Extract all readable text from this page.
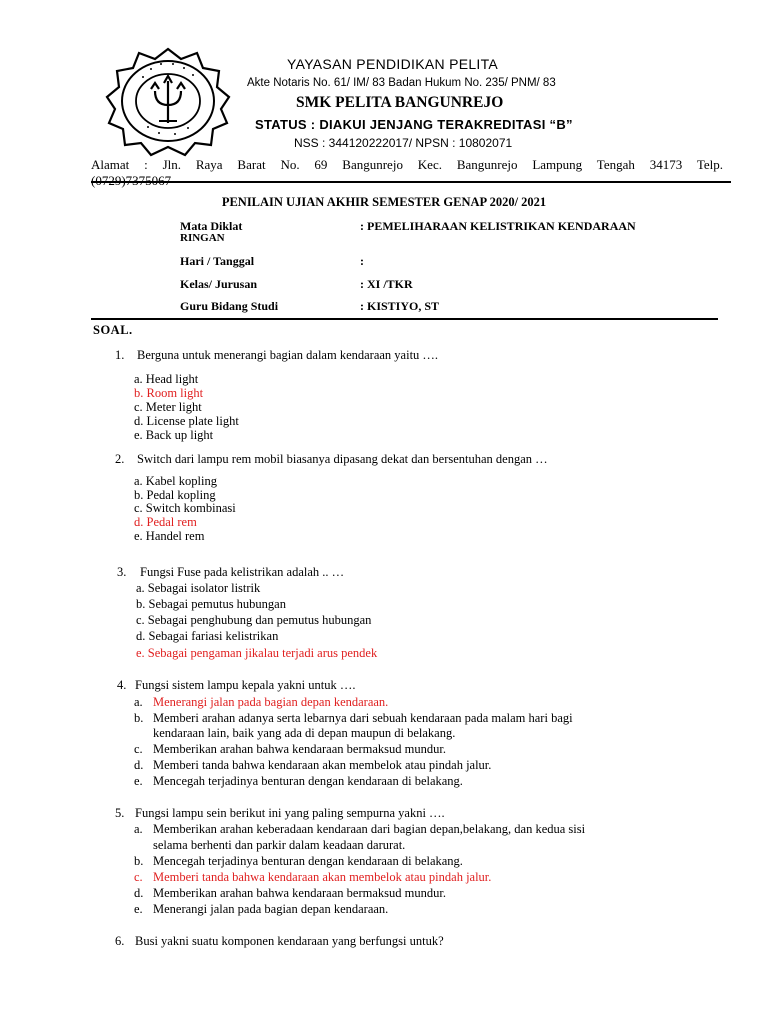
YAYASAN PENDIDIKAN PELITA
Akte Notaris No. 61/ IM/ 83 Badan Hukum No. 235/ PNM/ 83
SMK PELITA BANGUNREJO
STATUS : DIAKUI JENJANG TERAKREDITASI “B”
NSS : 344120222017/ NPSN : 10802071
Alamat : Jln. Raya Barat No. 69 Bangunrejo Kec. Bangunrejo Lampung Tengah 34173 Telp.
(0729)7375067
PENILAIN UJIAN AKHIR SEMESTER GENAP 2020/ 2021
Mata Diklat	: PEMELIHARAAN KELISTRIKAN KENDARAAN
RINGAN
Hari / Tanggal	:
Kelas/ Jurusan	: XI /TKR
Guru Bidang Studi	: KISTIYO, ST
SOAL.
1. Berguna untuk menerangi bagian dalam kendaraan yaitu ….
a. Head light
b. Room light
c. Meter light
d. License plate light
e. Back up light
2. Switch dari lampu rem mobil biasanya dipasang dekat dan bersentuhan dengan …
a. Kabel kopling
b. Pedal kopling
c. Switch kombinasi
d. Pedal rem
e. Handel rem
3. Fungsi Fuse pada kelistrikan adalah .. …
a. Sebagai isolator listrik
b. Sebagai pemutus hubungan
c. Sebagai penghubung dan pemutus hubungan
d. Sebagai fariasi kelistrikan
e. Sebagai pengaman jikalau terjadi arus pendek
4. Fungsi sistem lampu kepala yakni untuk ….
a. Menerangi jalan pada bagian depan kendaraan.
b. Memberi arahan adanya serta lebarnya dari sebuah kendaraan pada malam hari bagi
kendaraan lain, baik yang ada di depan maupun di belakang.
c. Memberikan arahan bahwa kendaraan bermaksud mundur.
d. Memberi tanda bahwa kendaraan akan membelok atau pindah jalur.
e. Mencegah terjadinya benturan dengan kendaraan di belakang.
5. Fungsi lampu sein berikut ini yang paling sempurna yakni ….
a. Memberikan arahan keberadaan kendaraan dari bagian depan,belakang, dan kedua sisi
selama berhenti dan parkir dalam keadaan darurat.
b. Mencegah terjadinya benturan dengan kendaraan di belakang.
c. Memberi tanda bahwa kendaraan akan membelok atau pindah jalur.
d. Memberikan arahan bahwa kendaraan bermaksud mundur.
e. Menerangi jalan pada bagian depan kendaraan.
6. Busi yakni suatu komponen kendaraan yang berfungsi untuk?
